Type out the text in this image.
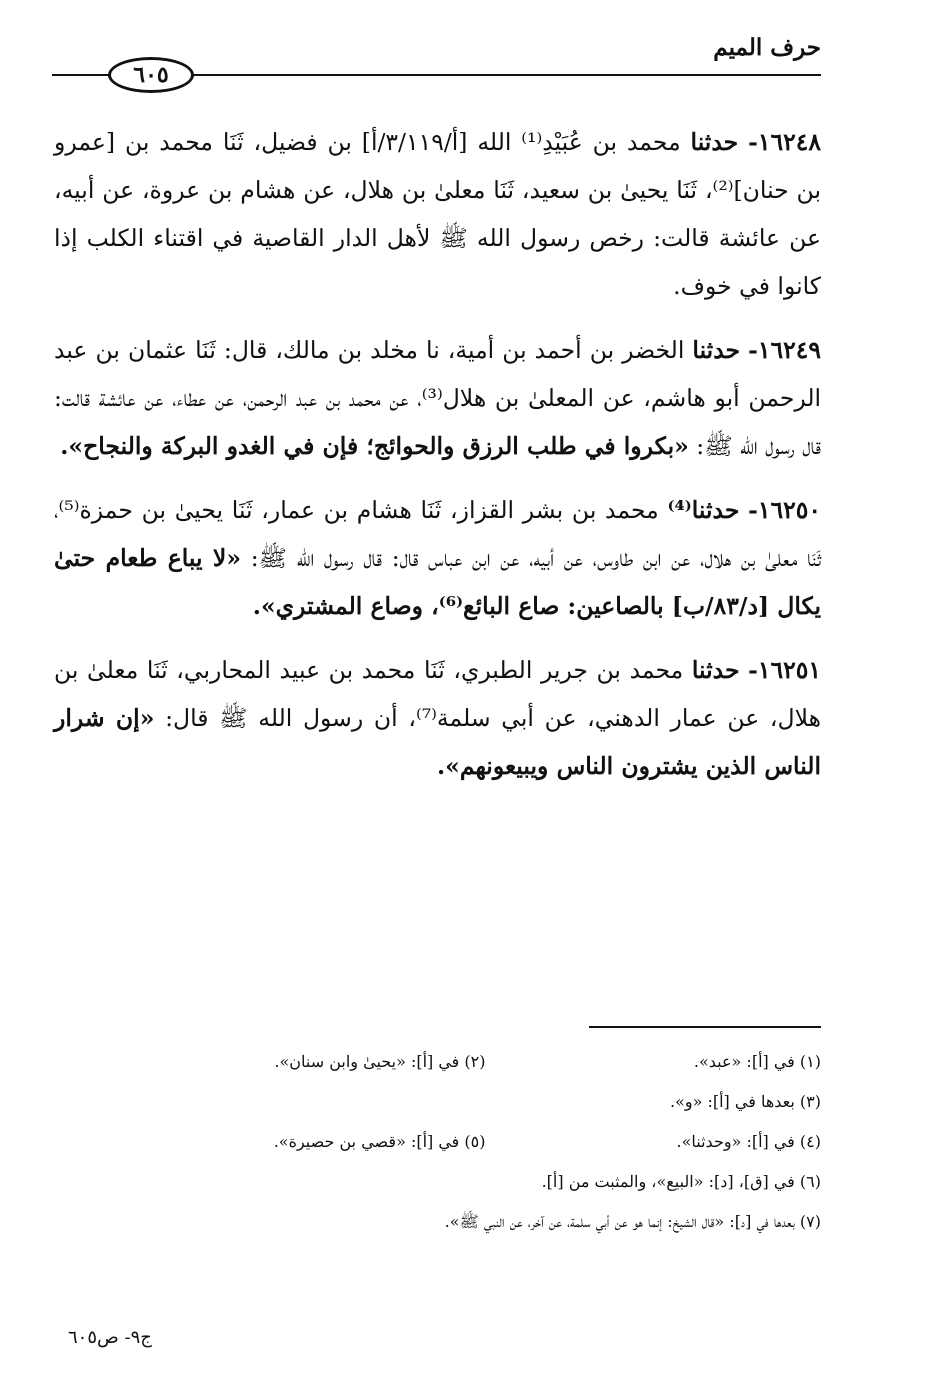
حرف الميم
٦٠٥

١٦٢٤٨- حدثنا محمد بن عُبَيْدِ⁽¹⁾ الله [أ/٣/١١٩/أ] بن فضيل، ثَنَا محمد بن [عمرو بن حنان]⁽²⁾، ثَنَا يحيىٰ بن سعيد، ثَنَا معلىٰ بن هلال، عن هشام بن عروة، عن أبيه، عن عائشة قالت: رخص رسول الله ﷺ لأهل الدار القاصية في اقتناء الكلب إذا كانوا في خوف.

١٦٢٤٩- حدثنا الخضر بن أحمد بن أمية، نا مخلد بن مالك، قال: ثَنَا عثمان بن عبد الرحمن أبو هاشم، عن المعلىٰ بن هلال⁽³⁾، عن محمد بن عبد الرحمن، عن عطاء، عن عائشة قالت: قال رسول الله ﷺ: «بكروا في طلب الرزق والحوائج؛ فإن في الغدو البركة والنجاح».

١٦٢٥٠- حدثنا⁽⁴⁾ محمد بن بشر القزاز، ثَنَا هشام بن عمار، ثَنَا يحيىٰ بن حمزة⁽⁵⁾، ثَنَا معلىٰ بن هلال، عن ابن طاوس، عن أبيه، عن ابن عباس قال: قال رسول الله ﷺ: «لا يباع طعام حتىٰ يكال [د/٨٣/ب] بالصاعين: صاع البائع⁽⁶⁾، وصاع المشتري».

١٦٢٥١- حدثنا محمد بن جرير الطبري، ثَنَا محمد بن عبيد المحاربي، ثَنَا معلىٰ بن هلال، عن عمار الدهني، عن أبي سلمة⁽⁷⁾، أن رسول الله ﷺ قال: «إن شرار الناس الذين يشترون الناس ويبيعونهم».

(١) في [أ]: «عبد».
(٢) في [أ]: «يحيىٰ وابن سنان».
(٣) بعدها في [أ]: «و».
(٤) في [أ]: «وحدثنا».
(٥) في [أ]: «قصي بن حصيرة».
(٦) في [ق]، [د]: «البيع»، والمثبت من [أ].
(٧) بعدها في [د]: «قال الشيخ: إنما هو عن أبي سلمة، عن آخر، عن النبي ﷺ».
ج٩- ص٦٠٥
